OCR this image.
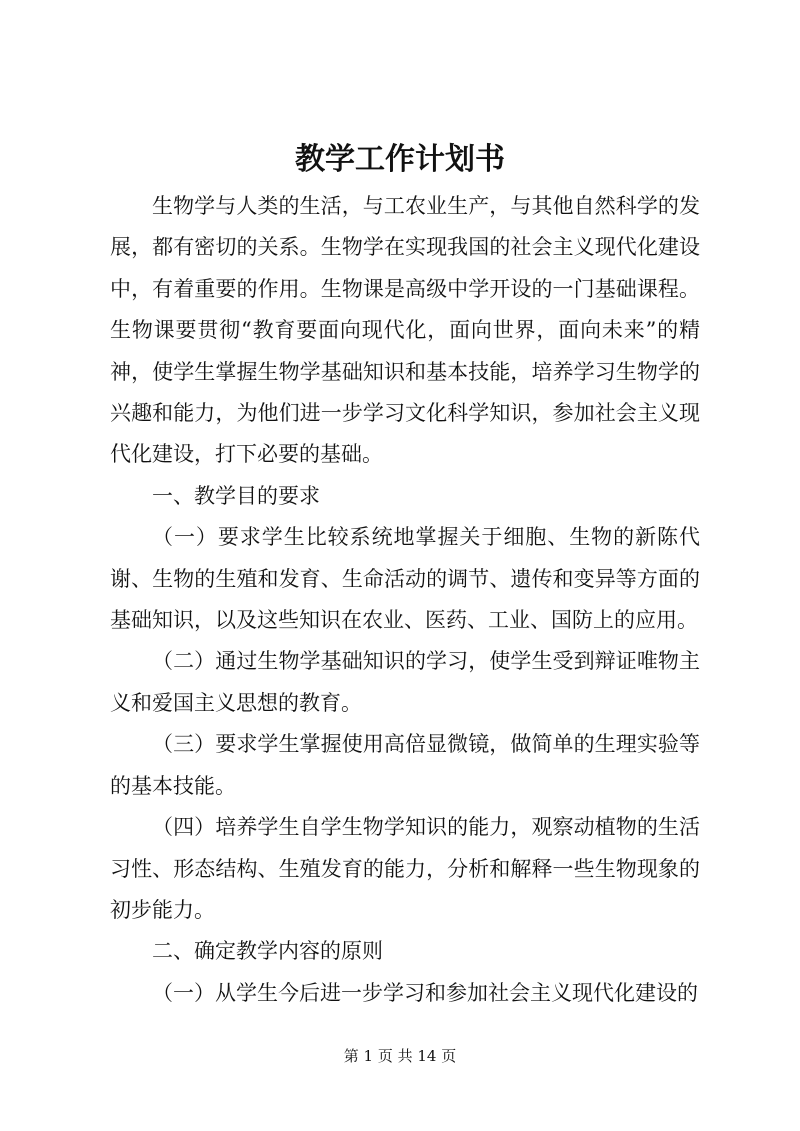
教学工作计划书

生物学与人类的生活，与工农业生产，与其他自然科学的发展，都有密切的关系。生物学在实现我国的社会主义现代化建设中，有着重要的作用。生物课是高级中学开设的一门基础课程。生物课要贯彻“教育要面向现代化，面向世界，面向未来”的精神，使学生掌握生物学基础知识和基本技能，培养学习生物学的兴趣和能力，为他们进一步学习文化科学知识，参加社会主义现代化建设，打下必要的基础。

一、教学目的要求

（一）要求学生比较系统地掌握关于细胞、生物的新陈代谢、生物的生殖和发育、生命活动的调节、遗传和变异等方面的基础知识，以及这些知识在农业、医药、工业、国防上的应用。

（二）通过生物学基础知识的学习，使学生受到辩证唯物主义和爱国主义思想的教育。

（三）要求学生掌握使用高倍显微镜，做简单的生理实验等的基本技能。

（四）培养学生自学生物学知识的能力，观察动植物的生活习性、形态结构、生殖发育的能力，分析和解释一些生物现象的初步能力。

二、确定教学内容的原则

（一）从学生今后进一步学习和参加社会主义现代化建设的

第 1 页 共 14 页
